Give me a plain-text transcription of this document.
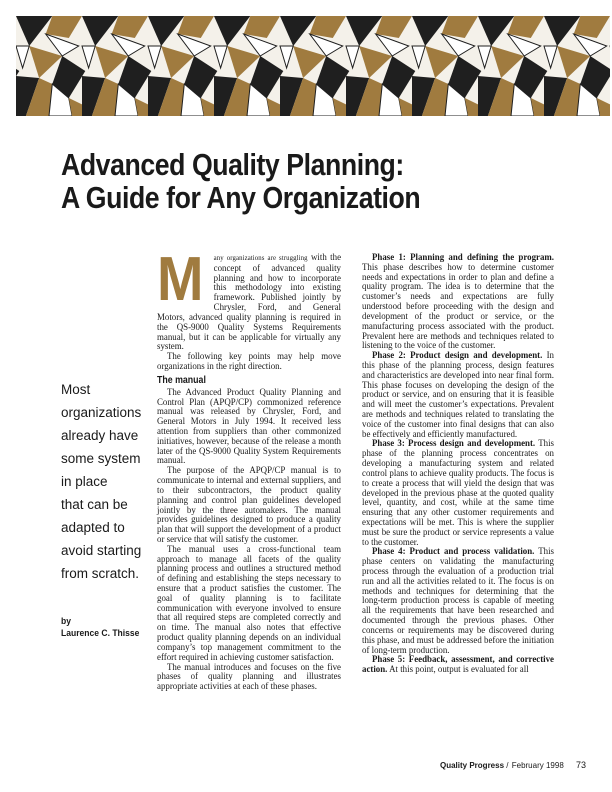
Advanced Quality Planning:
A Guide for Any Organization
Most
organizations
already have
some system
in place
that can be
adapted to
avoid starting
from scratch.
by
Laurence C. Thisse
M	any organizations are struggling with the concept of advanced quality planning and how to incorporate this methodology into existing framework. Published jointly by Chrysler, Ford, and General Motors, advanced quality planning is required in the QS-9000 Quality Systems Requirements manual, but it can be applicable for virtually any system.

The following key points may help move organizations in the right direction.

The manual

The Advanced Product Quality Planning and Control Plan (APQP/CP) commonized reference manual was released by Chrysler, Ford, and General Motors in July 1994. It received less attention from suppliers than other commonized initiatives, however, because of the release a month later of the QS-9000 Quality System Requirements manual.

The purpose of the APQP/CP manual is to communicate to internal and external suppliers, and to their subcontractors, the product quality planning and control plan guidelines developed jointly by the three automakers. The manual provides guidelines designed to produce a quality plan that will support the development of a product or service that will satisfy the customer.

The manual uses a cross-functional team approach to manage all facets of the quality planning process and outlines a structured method of defining and establishing the steps necessary to ensure that a product satisfies the customer. The goal of quality planning is to facilitate communication with everyone involved to ensure that all required steps are completed correctly and on time. The manual also notes that effective product quality planning depends on an individual company’s top management commitment to the effort required in achieving customer satisfaction.

The manual introduces and focuses on the five phases of quality planning and illustrates appropriate activities at each of these phases.

Phase 1: Planning and defining the program. This phase describes how to determine customer needs and expectations in order to plan and define a quality program. The idea is to determine that the customer’s needs and expectations are fully understood before proceeding with the design and development of the product or service, or the manufacturing process associated with the product. Prevalent here are methods and techniques related to listening to the voice of the customer.

Phase 2: Product design and development. In this phase of the planning process, design features and characteristics are developed into near final form. This phase focuses on developing the design of the product or service, and on ensuring that it is feasible and will meet the customer’s expectations. Prevalent are methods and techniques related to translating the voice of the customer into final designs that can also be effectively and efficiently manufactured.

Phase 3: Process design and development. This phase of the planning process concentrates on developing a manufacturing system and related control plans to achieve quality products. The focus is to create a process that will yield the design that was developed in the previous phase at the quoted quality level, quantity, and cost, while at the same time ensuring that any other customer requirements and expectations will be met. This is where the supplier must be sure the product or service represents a value to the customer.

Phase 4: Product and process validation. This phase centers on validating the manufacturing process through the evaluation of a production trial run and all the activities related to it. The focus is on methods and techniques for determining that the long-term production process is capable of meeting all the requirements that have been researched and documented through the previous phases. Other concerns or requirements may be discovered during this phase, and must be addressed before the initiation of long-term production.

Phase 5: Feedback, assessment, and corrective action. At this point, output is evaluated for all

Quality Progress / February 1998 73
